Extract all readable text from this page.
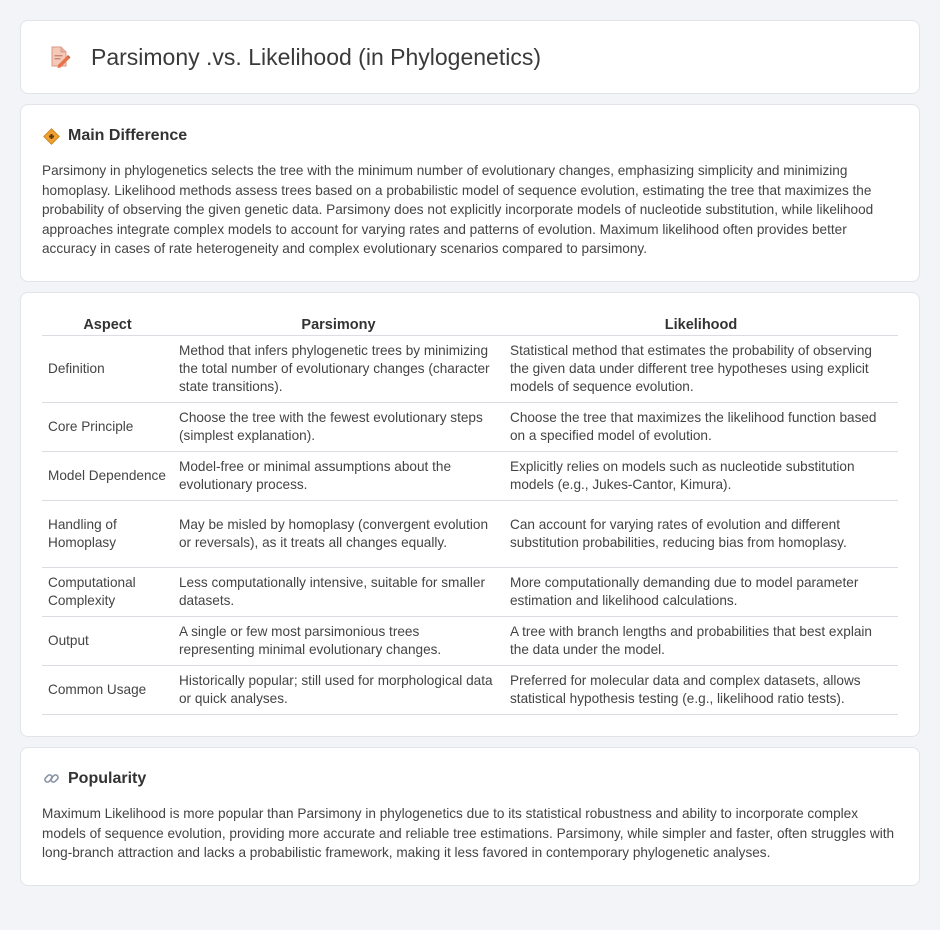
Parsimony .vs. Likelihood (in Phylogenetics)
Main Difference

Parsimony in phylogenetics selects the tree with the minimum number of evolutionary changes, emphasizing simplicity and minimizing homoplasy. Likelihood methods assess trees based on a probabilistic model of sequence evolution, estimating the tree that maximizes the probability of observing the given genetic data. Parsimony does not explicitly incorporate models of nucleotide substitution, while likelihood approaches integrate complex models to account for varying rates and patterns of evolution. Maximum likelihood often provides better accuracy in cases of rate heterogeneity and complex evolutionary scenarios compared to parsimony.

Aspect	Parsimony	Likelihood
Definition	Method that infers phylogenetic trees by minimizing the total number of evolutionary changes (character state transitions).	Statistical method that estimates the probability of observing the given data under different tree hypotheses using explicit models of sequence evolution.
Core Principle	Choose the tree with the fewest evolutionary steps (simplest explanation).	Choose the tree that maximizes the likelihood function based on a specified model of evolution.
Model Dependence	Model-free or minimal assumptions about the evolutionary process.	Explicitly relies on models such as nucleotide substitution models (e.g., Jukes-Cantor, Kimura).
Handling of Homoplasy	May be misled by homoplasy (convergent evolution or reversals), as it treats all changes equally.	Can account for varying rates of evolution and different substitution probabilities, reducing bias from homoplasy.
Computational Complexity	Less computationally intensive, suitable for smaller datasets.	More computationally demanding due to model parameter estimation and likelihood calculations.
Output	A single or few most parsimonious trees representing minimal evolutionary changes.	A tree with branch lengths and probabilities that best explain the data under the model.
Common Usage	Historically popular; still used for morphological data or quick analyses.	Preferred for molecular data and complex datasets, allows statistical hypothesis testing (e.g., likelihood ratio tests).
Popularity

Maximum Likelihood is more popular than Parsimony in phylogenetics due to its statistical robustness and ability to incorporate complex models of sequence evolution, providing more accurate and reliable tree estimations. Parsimony, while simpler and faster, often struggles with long-branch attraction and lacks a probabilistic framework, making it less favored in contemporary phylogenetic analyses.
